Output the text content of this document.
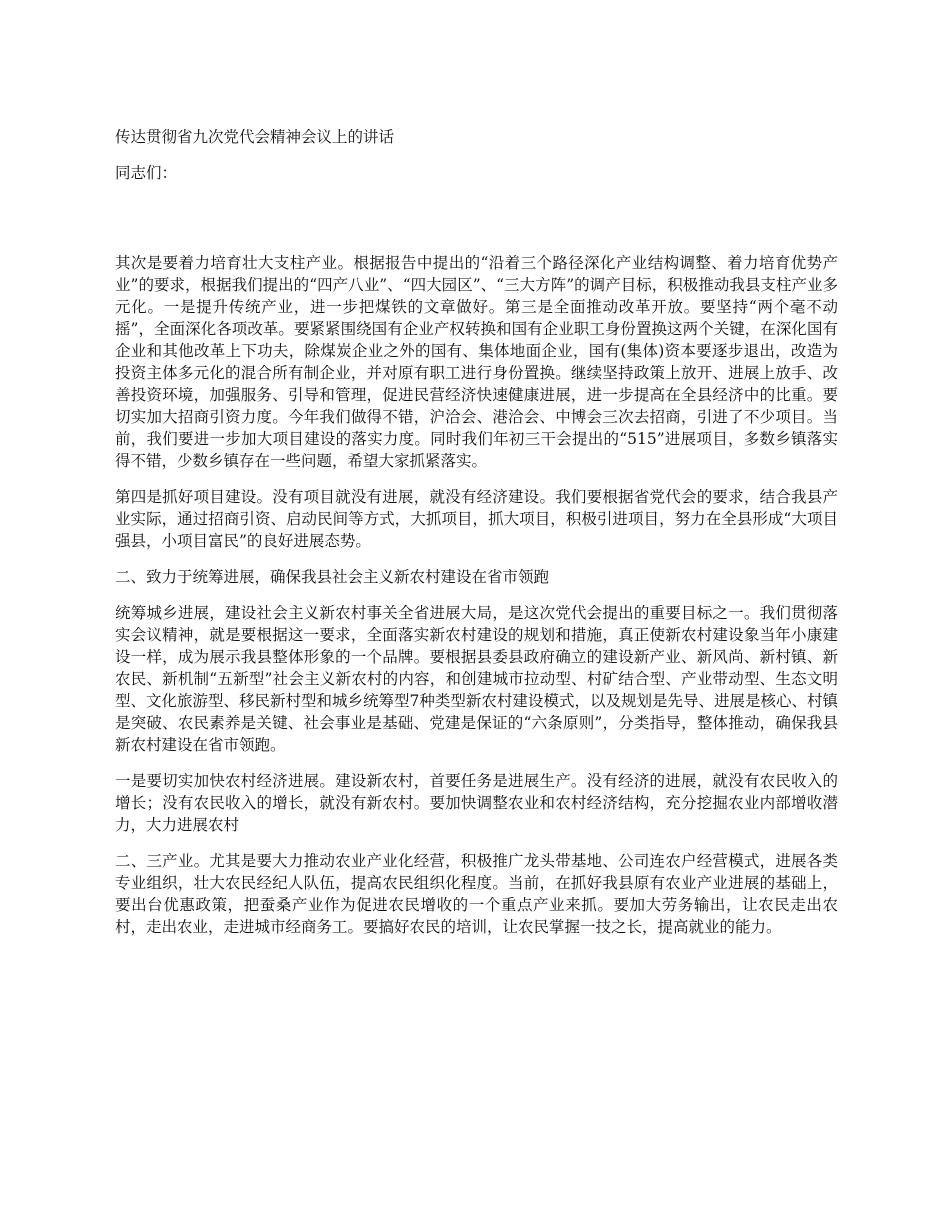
传达贯彻省九次党代会精神会议上的讲话

同志们：

其次是要着力培育壮大支柱产业。根据报告中提出的“沿着三个路径深化产业结构调整、着力培育优势产业”的要求，根据我们提出的“四产八业”、“四大园区”、“三大方阵”的调产目标，积极推动我县支柱产业多元化。一是提升传统产业，进一步把煤铁的文章做好。第三是全面推动改革开放。要坚持“两个毫不动摇”，全面深化各项改革。要紧紧围绕国有企业产权转换和国有企业职工身份置换这两个关键，在深化国有企业和其他改革上下功夫，除煤炭企业之外的国有、集体地面企业，国有(集体)资本要逐步退出，改造为投资主体多元化的混合所有制企业，并对原有职工进行身份置换。继续坚持政策上放开、进展上放手、改善投资环境，加强服务、引导和管理，促进民营经济快速健康进展，进一步提高在全县经济中的比重。要切实加大招商引资力度。今年我们做得不错，沪洽会、港洽会、中博会三次去招商，引进了不少项目。当前，我们要进一步加大项目建设的落实力度。同时我们年初三干会提出的“515”进展项目，多数乡镇落实得不错，少数乡镇存在一些问题，希望大家抓紧落实。

第四是抓好项目建设。没有项目就没有进展，就没有经济建设。我们要根据省党代会的要求，结合我县产业实际，通过招商引资、启动民间等方式，大抓项目，抓大项目，积极引进项目，努力在全县形成“大项目强县，小项目富民”的良好进展态势。

二、致力于统筹进展，确保我县社会主义新农村建设在省市领跑

统筹城乡进展，建设社会主义新农村事关全省进展大局，是这次党代会提出的重要目标之一。我们贯彻落实会议精神，就是要根据这一要求，全面落实新农村建设的规划和措施，真正使新农村建设象当年小康建设一样，成为展示我县整体形象的一个品牌。要根据县委县政府确立的建设新产业、新风尚、新村镇、新农民、新机制“五新型”社会主义新农村的内容，和创建城市拉动型、村矿结合型、产业带动型、生态文明型、文化旅游型、移民新村型和城乡统筹型7种类型新农村建设模式，以及规划是先导、进展是核心、村镇是突破、农民素养是关键、社会事业是基础、党建是保证的“六条原则”，分类指导，整体推动，确保我县新农村建设在省市领跑。

一是要切实加快农村经济进展。建设新农村，首要任务是进展生产。没有经济的进展，就没有农民收入的增长；没有农民收入的增长，就没有新农村。要加快调整农业和农村经济结构，充分挖掘农业内部增收潜力，大力进展农村

二、三产业。尤其是要大力推动农业产业化经营，积极推广龙头带基地、公司连农户经营模式，进展各类专业组织，壮大农民经纪人队伍，提高农民组织化程度。当前，在抓好我县原有农业产业进展的基础上，要出台优惠政策，把蚕桑产业作为促进农民增收的一个重点产业来抓。要加大劳务输出，让农民走出农村，走出农业，走进城市经商务工。要搞好农民的培训，让农民掌握一技之长，提高就业的能力。
